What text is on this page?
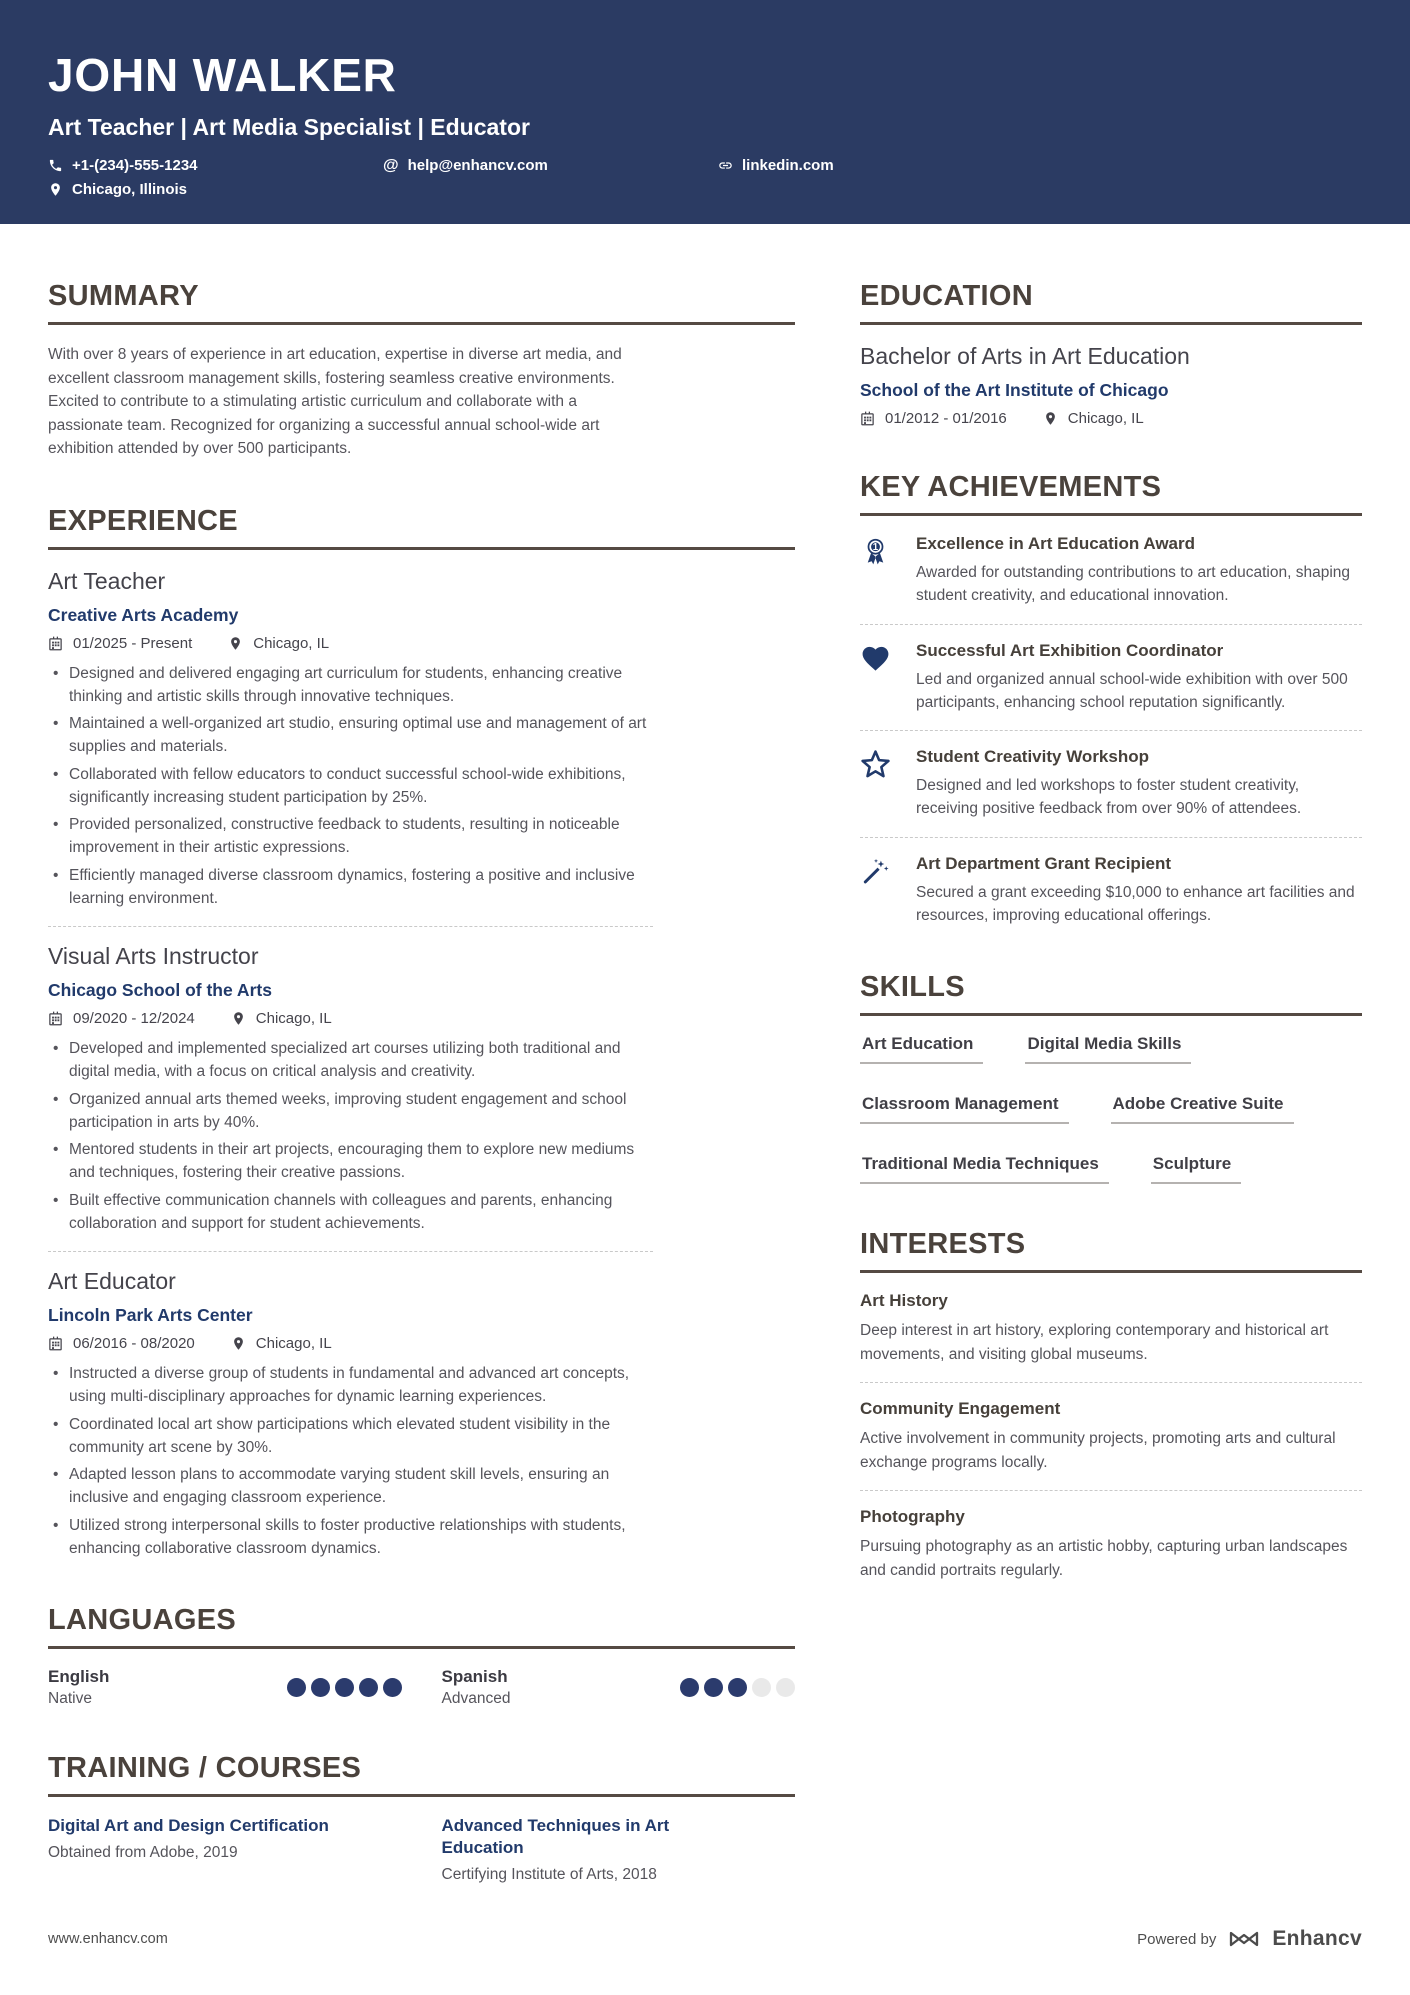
JOHN WALKER
Art Teacher | Art Media Specialist | Educator
+1-(234)-555-1234	@ help@enhancv.com	linkedin.com
Chicago, Illinois
SUMMARY

With over 8 years of experience in art education, expertise in diverse art media, and excellent classroom management skills, fostering seamless creative environments. Excited to contribute to a stimulating artistic curriculum and collaborate with a passionate team. Recognized for organizing a successful annual school-wide art exhibition attended by over 500 participants.

EXPERIENCE
Art Teacher
Creative Arts Academy
01/2025 - Present	Chicago, IL
• Designed and delivered engaging art curriculum for students, enhancing creative thinking and artistic skills through innovative techniques.
• Maintained a well-organized art studio, ensuring optimal use and management of art supplies and materials.
• Collaborated with fellow educators to conduct successful school-wide exhibitions, significantly increasing student participation by 25%.
• Provided personalized, constructive feedback to students, resulting in noticeable improvement in their artistic expressions.
• Efficiently managed diverse classroom dynamics, fostering a positive and inclusive learning environment.
Visual Arts Instructor
Chicago School of the Arts
09/2020 - 12/2024	Chicago, IL
• Developed and implemented specialized art courses utilizing both traditional and digital media, with a focus on critical analysis and creativity.
• Organized annual arts themed weeks, improving student engagement and school participation in arts by 40%.
• Mentored students in their art projects, encouraging them to explore new mediums and techniques, fostering their creative passions.
• Built effective communication channels with colleagues and parents, enhancing collaboration and support for student achievements.
Art Educator
Lincoln Park Arts Center
06/2016 - 08/2020	Chicago, IL
• Instructed a diverse group of students in fundamental and advanced art concepts, using multi-disciplinary approaches for dynamic learning experiences.
• Coordinated local art show participations which elevated student visibility in the community art scene by 30%.
• Adapted lesson plans to accommodate varying student skill levels, ensuring an inclusive and engaging classroom experience.
• Utilized strong interpersonal skills to foster productive relationships with students, enhancing collaborative classroom dynamics.
LANGUAGES
English
Native
Spanish
Advanced
TRAINING / COURSES
Digital Art and Design Certification
Obtained from Adobe, 2019
Advanced Techniques in Art Education
Certifying Institute of Arts, 2018
EDUCATION
Bachelor of Arts in Art Education
School of the Art Institute of Chicago
01/2012 - 01/2016	Chicago, IL
KEY ACHIEVEMENTS
1 Excellence in Art Education Award
Awarded for outstanding contributions to art education, shaping student creativity, and educational innovation.
Successful Art Exhibition Coordinator
Led and organized annual school-wide exhibition with over 500 participants, enhancing school reputation significantly.
Student Creativity Workshop
Designed and led workshops to foster student creativity, receiving positive feedback from over 90% of attendees.
Art Department Grant Recipient
Secured a grant exceeding $10,000 to enhance art facilities and resources, improving educational offerings.
SKILLS
Art Education	Digital Media Skills
Classroom Management	Adobe Creative Suite
Traditional Media Techniques	Sculpture
INTERESTS
Art History
Deep interest in art history, exploring contemporary and historical art movements, and visiting global museums.
Community Engagement
Active involvement in community projects, promoting arts and cultural exchange programs locally.
Photography
Pursuing photography as an artistic hobby, capturing urban landscapes and candid portraits regularly.
www.enhancv.com	Powered by	Enhancv
